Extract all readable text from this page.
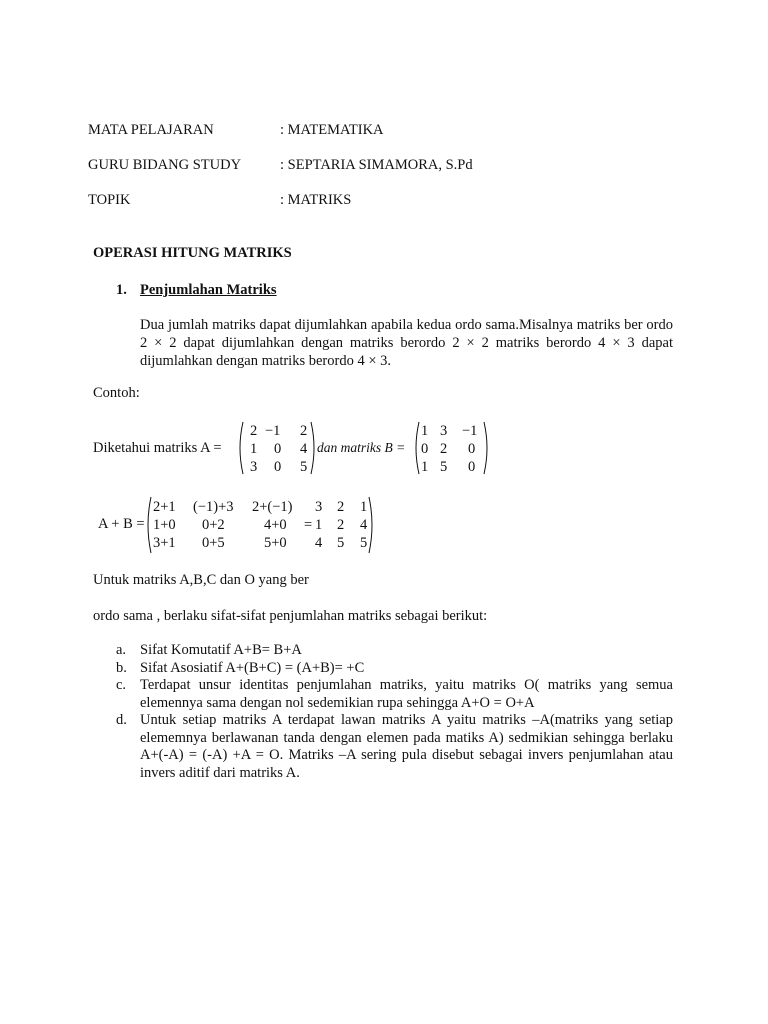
MATA PELAJARAN	: MATEMATIKA
GURU BIDANG STUDY	: SEPTARIA SIMAMORA, S.Pd
TOPIK	: MATRIKS
OPERASI HITUNG MATRIKS
1. Penjumlahan Matriks
Dua jumlah matriks dapat dijumlahkan apabila kedua ordo sama.Misalnya matriks ber ordo 2 × 2 dapat dijumlahkan dengan matriks berordo 2 × 2 matriks berordo 4 × 3 dapat dijumlahkan dengan matriks berordo 4 × 3.
Contoh:
Diketahui matriks A =
2 −1 2
1 0 4
3 0 5
dan matriks B =
1 3 −1
0 2 0
1 5 0
A + B =
2+1 (−1)+3 2+(−1)
1+0 0+2	4+0
3+1 0+5	5+0
=
3 2 1
1 2 4
4 5 5
Untuk matriks A,B,C dan O yang ber
ordo sama , berlaku sifat-sifat penjumlahan matriks sebagai berikut:
a. Sifat Komutatif A+B= B+A
b. Sifat Asosiatif A+(B+C) = (A+B)= +C
c. Terdapat unsur identitas penjumlahan matriks, yaitu matriks O( matriks yang semua elemennya sama dengan nol sedemikian rupa sehingga A+O = O+A
d. Untuk setiap matriks A terdapat lawan matriks A yaitu matriks –A(matriks yang setiap elememnya berlawanan tanda dengan elemen pada matiks A) sedmikian sehingga berlaku A+(-A) = (-A) +A = O. Matriks –A sering pula disebut sebagai invers penjumlahan atau invers aditif dari matriks A.
